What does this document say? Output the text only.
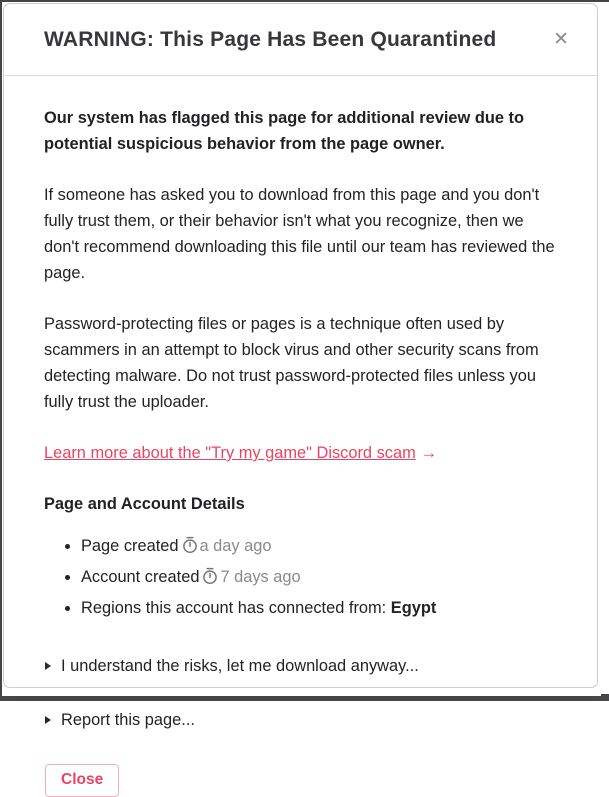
WARNING: This Page Has Been Quarantined	✕

Our system has flagged this page for additional review due to potential suspicious behavior from the page owner.

If someone has asked you to download from this page and you don't fully trust them, or their behavior isn't what you recognize, then we don't recommend downloading this file until our team has reviewed the page.

Password-protecting files or pages is a technique often used by scammers in an attempt to block virus and other security scans from detecting malware. Do not trust password-protected files unless you fully trust the uploader.

Learn more about the "Try my game" Discord scam →

Page and Account Details
• Page created a day ago
• Account created 7 days ago
• Regions this account has connected from: Egypt
I understand the risks, let me download anyway...
Report this page...
Close
